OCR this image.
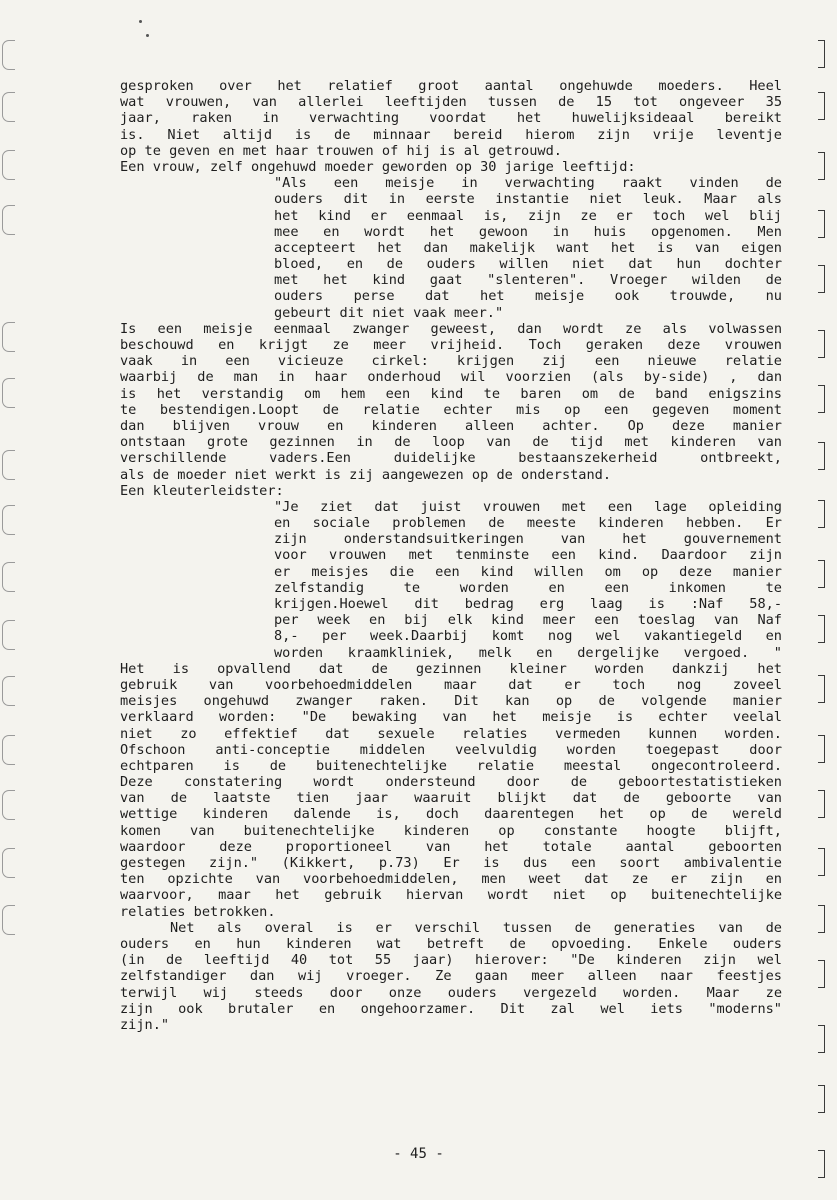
gesproken over het relatief groot aantal ongehuwde moeders. Heel
wat vrouwen, van allerlei leeftijden tussen de 15 tot ongeveer 35
jaar, raken in verwachting voordat het huwelijksideaal bereikt
is. Niet altijd is de minnaar bereid hierom zijn vrije leventje
op te geven en met haar trouwen of hij is al getrouwd.
Een vrouw, zelf ongehuwd moeder geworden op 30 jarige leeftijd:
"Als een meisje in verwachting raakt vinden de
ouders dit in eerste instantie niet leuk. Maar als
het kind er eenmaal is, zijn ze er toch wel blij
mee en wordt het gewoon in huis opgenomen. Men
accepteert het dan makelijk want het is van eigen
bloed, en de ouders willen niet dat hun dochter
met het kind gaat "slenteren". Vroeger wilden de
ouders perse dat het meisje ook trouwde, nu
gebeurt dit niet vaak meer."
Is een meisje eenmaal zwanger geweest, dan wordt ze als volwassen
beschouwd en krijgt ze meer vrijheid. Toch geraken deze vrouwen
vaak in een vicieuze cirkel: krijgen zij een nieuwe relatie
waarbij de man in haar onderhoud wil voorzien (als by-side) , dan
is het verstandig om hem een kind te baren om de band enigszins
te bestendigen.Loopt de relatie echter mis op een gegeven moment
dan blijven vrouw en kinderen alleen achter. Op deze manier
ontstaan grote gezinnen in de loop van de tijd met kinderen van
verschillende vaders.Een duidelijke bestaanszekerheid ontbreekt,
als de moeder niet werkt is zij aangewezen op de onderstand.
Een kleuterleidster:
"Je ziet dat juist vrouwen met een lage opleiding
en sociale problemen de meeste kinderen hebben. Er
zijn onderstandsuitkeringen van het gouvernement
voor vrouwen met tenminste een kind. Daardoor zijn
er meisjes die een kind willen om op deze manier
zelfstandig te worden en een inkomen te
krijgen.Hoewel dit bedrag erg laag is :Naf 58,-
per week en bij elk kind meer een toeslag van Naf
8,- per week.Daarbij komt nog wel vakantiegeld en
worden kraamkliniek, melk en dergelijke vergoed. "
Het is opvallend dat de gezinnen kleiner worden dankzij het
gebruik van voorbehoedmiddelen maar dat er toch nog zoveel
meisjes ongehuwd zwanger raken. Dit kan op de volgende manier
verklaard worden: "De bewaking van het meisje is echter veelal
niet zo effektief dat sexuele relaties vermeden kunnen worden.
Ofschoon anti-conceptie middelen veelvuldig worden toegepast door
echtparen is de buitenechtelijke relatie meestal ongecontroleerd.
Deze constatering wordt ondersteund door de geboortestatistieken
van de laatste tien jaar waaruit blijkt dat de geboorte van
wettige kinderen dalende is, doch daarentegen het op de wereld
komen van buitenechtelijke kinderen op constante hoogte blijft,
waardoor deze proportioneel van het totale aantal geboorten
gestegen zijn." (Kikkert, p.73) Er is dus een soort ambivalentie
ten opzichte van voorbehoedmiddelen, men weet dat ze er zijn en
waarvoor, maar het gebruik hiervan wordt niet op buitenechtelijke
relaties betrokken.
Net als overal is er verschil tussen de generaties van de
ouders en hun kinderen wat betreft de opvoeding. Enkele ouders
(in de leeftijd 40 tot 55 jaar) hierover: "De kinderen zijn wel
zelfstandiger dan wij vroeger. Ze gaan meer alleen naar feestjes
terwijl wij steeds door onze ouders vergezeld worden. Maar ze
zijn ook brutaler en ongehoorzamer. Dit zal wel iets "moderns"
zijn."
- 45 -
